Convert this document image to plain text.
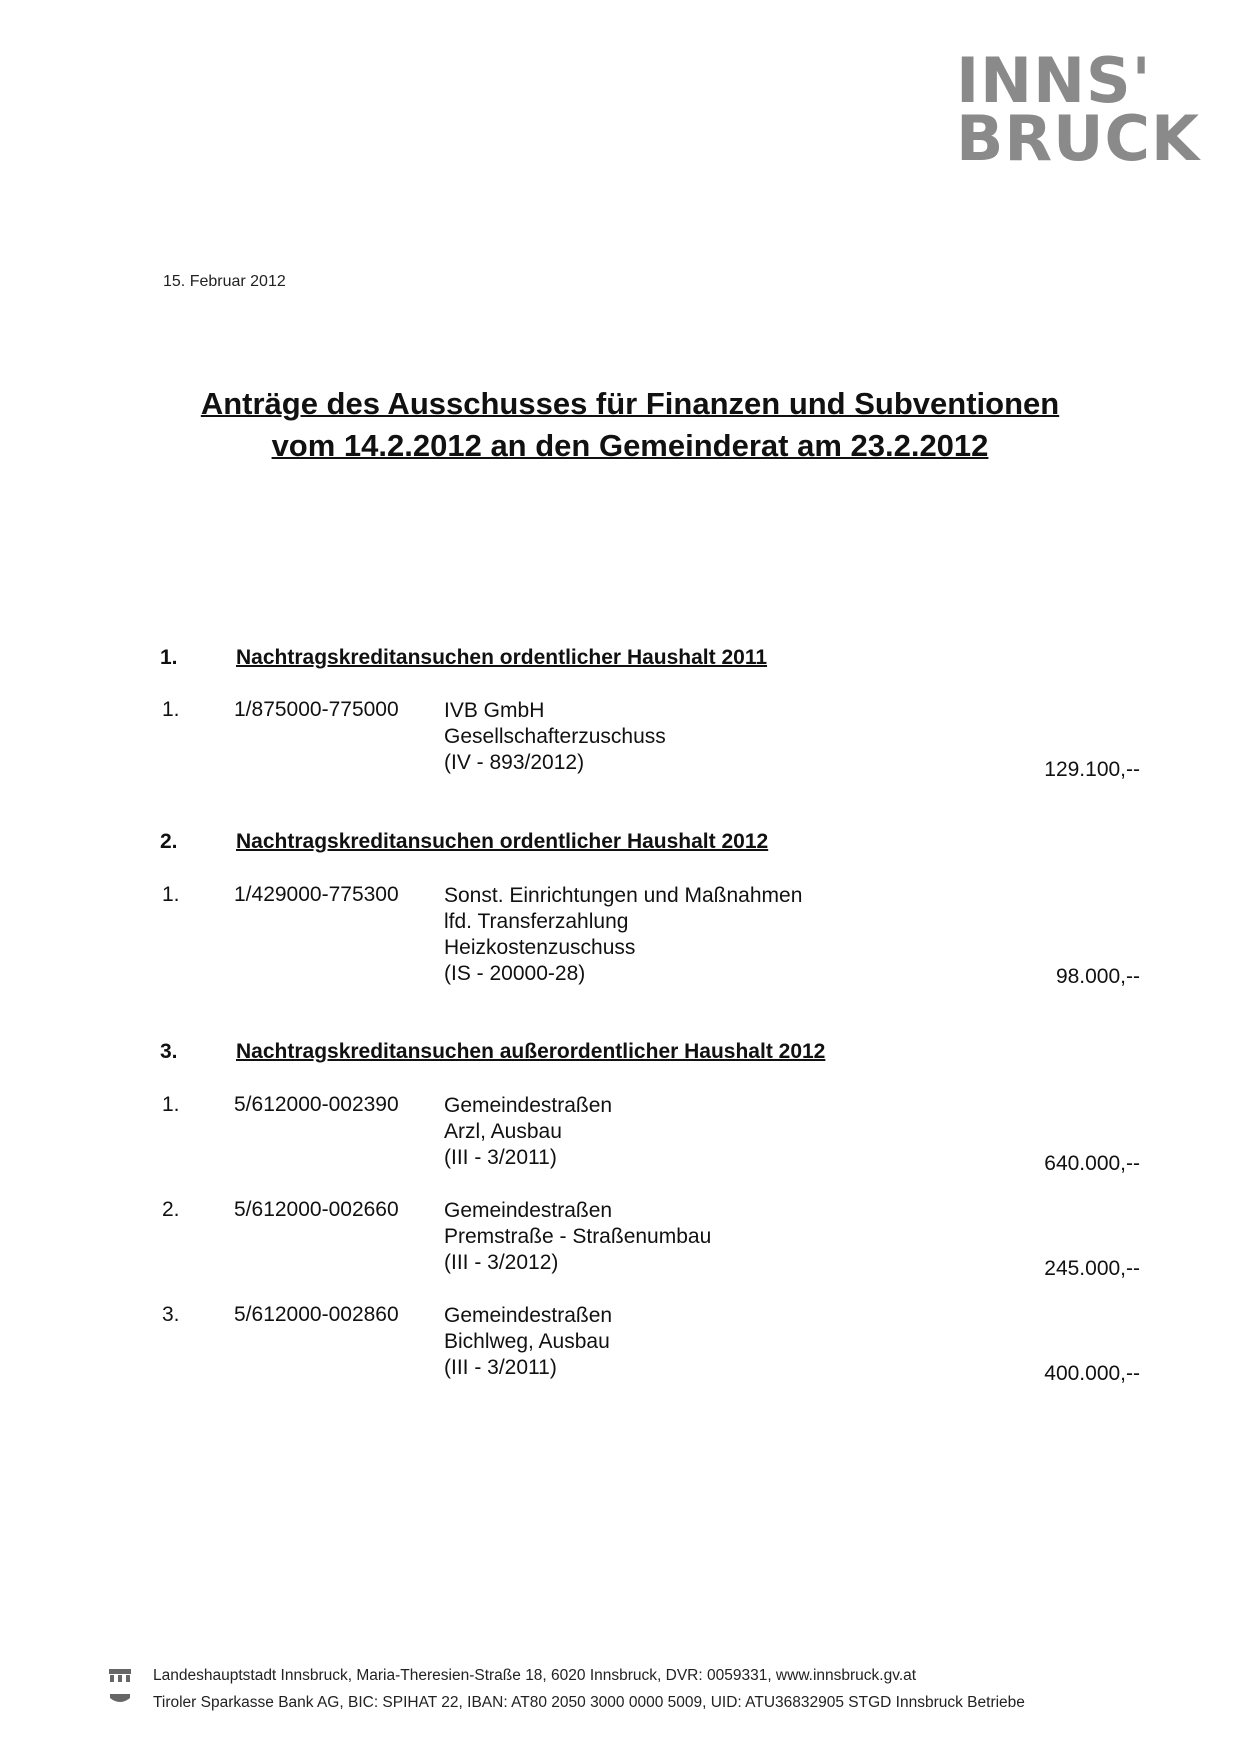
INNS'
BRUCK
15. Februar 2012
Anträge des Ausschusses für Finanzen und Subventionen
vom 14.2.2012 an den Gemeinderat am 23.2.2012
1.	Nachtragskreditansuchen ordentlicher Haushalt 2011
1.	1/875000-775000 IVB GmbH
Gesellschafterzuschuss
(IV - 893/2012)	129.100,--
2.	Nachtragskreditansuchen ordentlicher Haushalt 2012
1.	1/429000-775300 Sonst. Einrichtungen und Maßnahmen
lfd. Transferzahlung
Heizkostenzuschuss
(IS - 20000-28)	98.000,--
3.	Nachtragskreditansuchen außerordentlicher Haushalt 2012
1.	5/612000-002390 Gemeindestraßen
Arzl, Ausbau
(III - 3/2011)	640.000,--
2.	5/612000-002660 Gemeindestraßen
Premstraße - Straßenumbau
(III - 3/2012)	245.000,--
3.	5/612000-002860 Gemeindestraßen
Bichlweg, Ausbau
(III - 3/2011)	400.000,--
Landeshauptstadt Innsbruck, Maria-Theresien-Straße 18, 6020 Innsbruck, DVR: 0059331, www.innsbruck.gv.at
Tiroler Sparkasse Bank AG, BIC: SPIHAT 22, IBAN: AT80 2050 3000 0000 5009, UID: ATU36832905 STGD Innsbruck Betriebe
